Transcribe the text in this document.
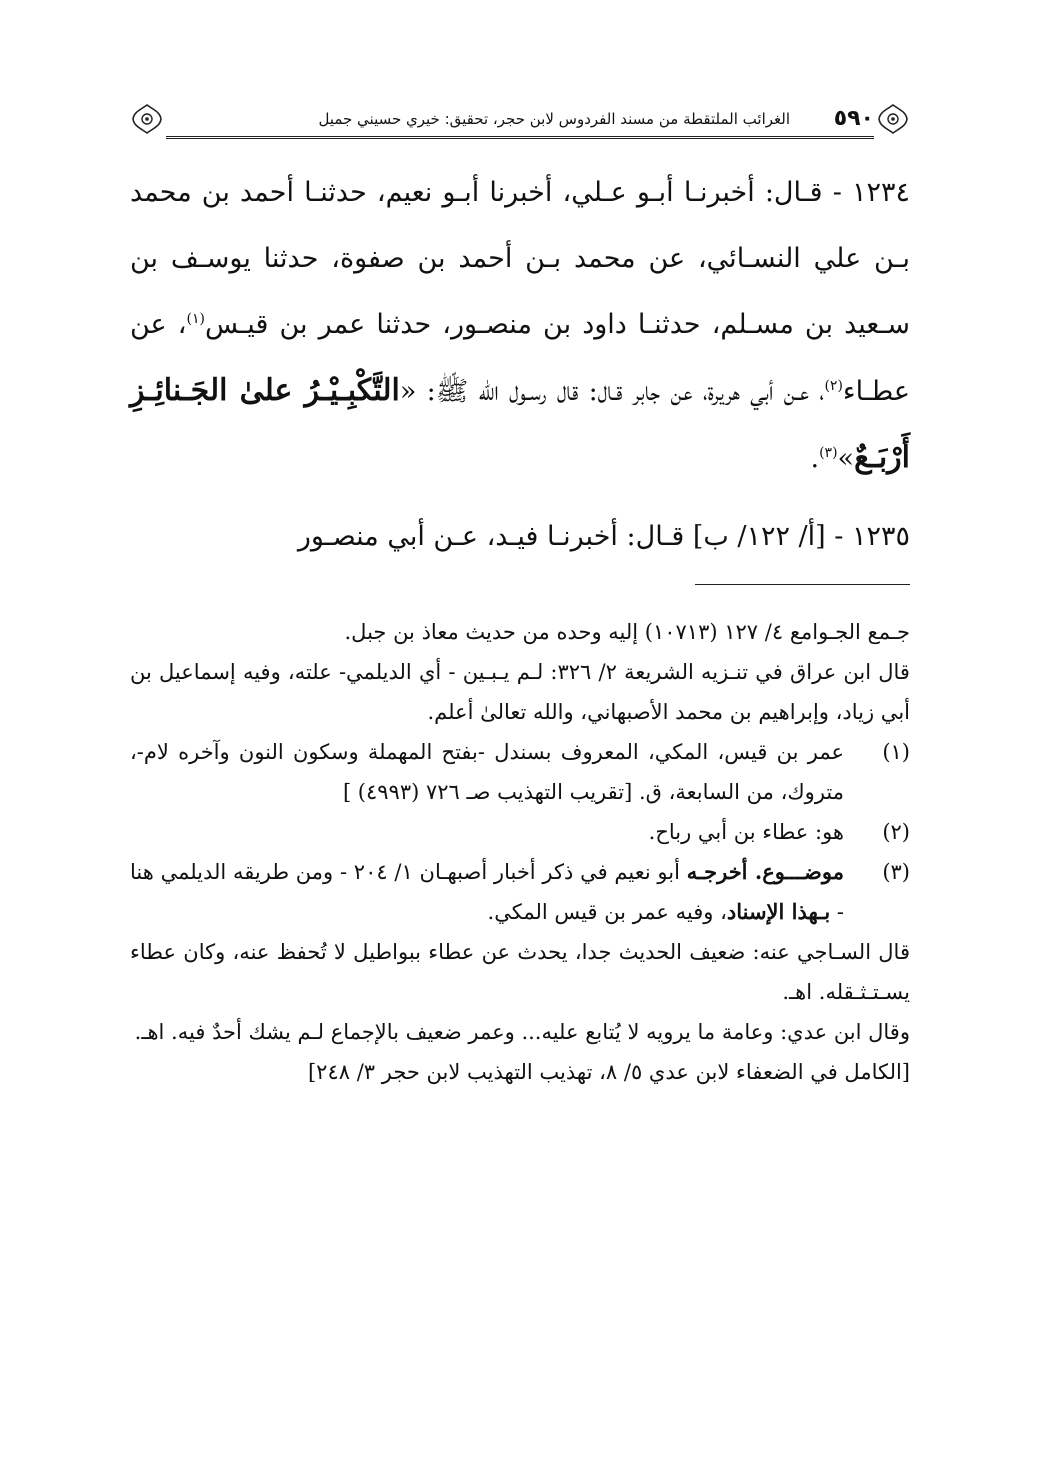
٥٩٠
الغرائب الملتقطة من مسند الفردوس لابن حجر، تحقيق: خيري حسيني جميل

١٢٣٤ - قـال: أخبرنـا أبـو عـلي، أخبرنا أبـو نعيم، حدثنـا أحمد بن محمد بـن علي النسـائي، عن محمد بـن أحمد بن صفوة، حدثنا يوسـف بن سـعيد بن مسـلم، حدثنـا داود بن منصـور، حدثنا عمر بن قيـس$^{(١)}$، عن عطـاء$^{(٢)}$، عـن أبي هريرة، عن جابر قـال: قال رسـول الله ﷺ: «التَّكْبِـيْـرُ علىٰ الجَـنائِـزِ أَرْبَـعٌ»$^{(٣)}$.

١٢٣٥ - [أ/ ١٢٢/ ب] قـال: أخبرنـا فيـد، عـن أبي منصـور

جـمع الجـوامع ٤/ ١٢٧ (١٠٧١٣) إليه وحده من حديث معاذ بن جبل.

قال ابن عراق في تنـزيه الشريعة ٢/ ٣٢٦: لـم يـبـين - أي الديلمي- علته، وفيه إسماعيل بن أبي زياد، وإبراهيم بن محمد الأصبهاني، والله تعالىٰ أعلم.

(١)
عمر بن قيس، المكي، المعروف بسندل -بفتح المهملة وسكون النون وآخره لام-، متروك، من السابعة، ق. [تقريب التهذيب صـ ٧٢٦ (٤٩٩٣) ]
(٢)
هو: عطاء بن أبي رباح.
(٣)
موضـــوع. أخرجـه أبو نعيم في ذكر أخبار أصبهـان ١/ ٢٠٤ - ومن طريقه الديلمي هنا - بـهذا الإسناد، وفيه عمر بن قيس المكي.

قال السـاجي عنه: ضعيف الحديث جدا، يحدث عن عطاء ببواطيل لا تُحفظ عنه، وكان عطاء يسـتـثـقله. اهـ.

وقال ابن عدي: وعامة ما يرويه لا يُتابع عليه... وعمر ضعيف بالإجماع لـم يشك أحدٌ فيه. اهـ.

[الكامل في الضعفاء لابن عدي ٥/ ٨، تهذيب التهذيب لابن حجر ٣/ ٢٤٨]
